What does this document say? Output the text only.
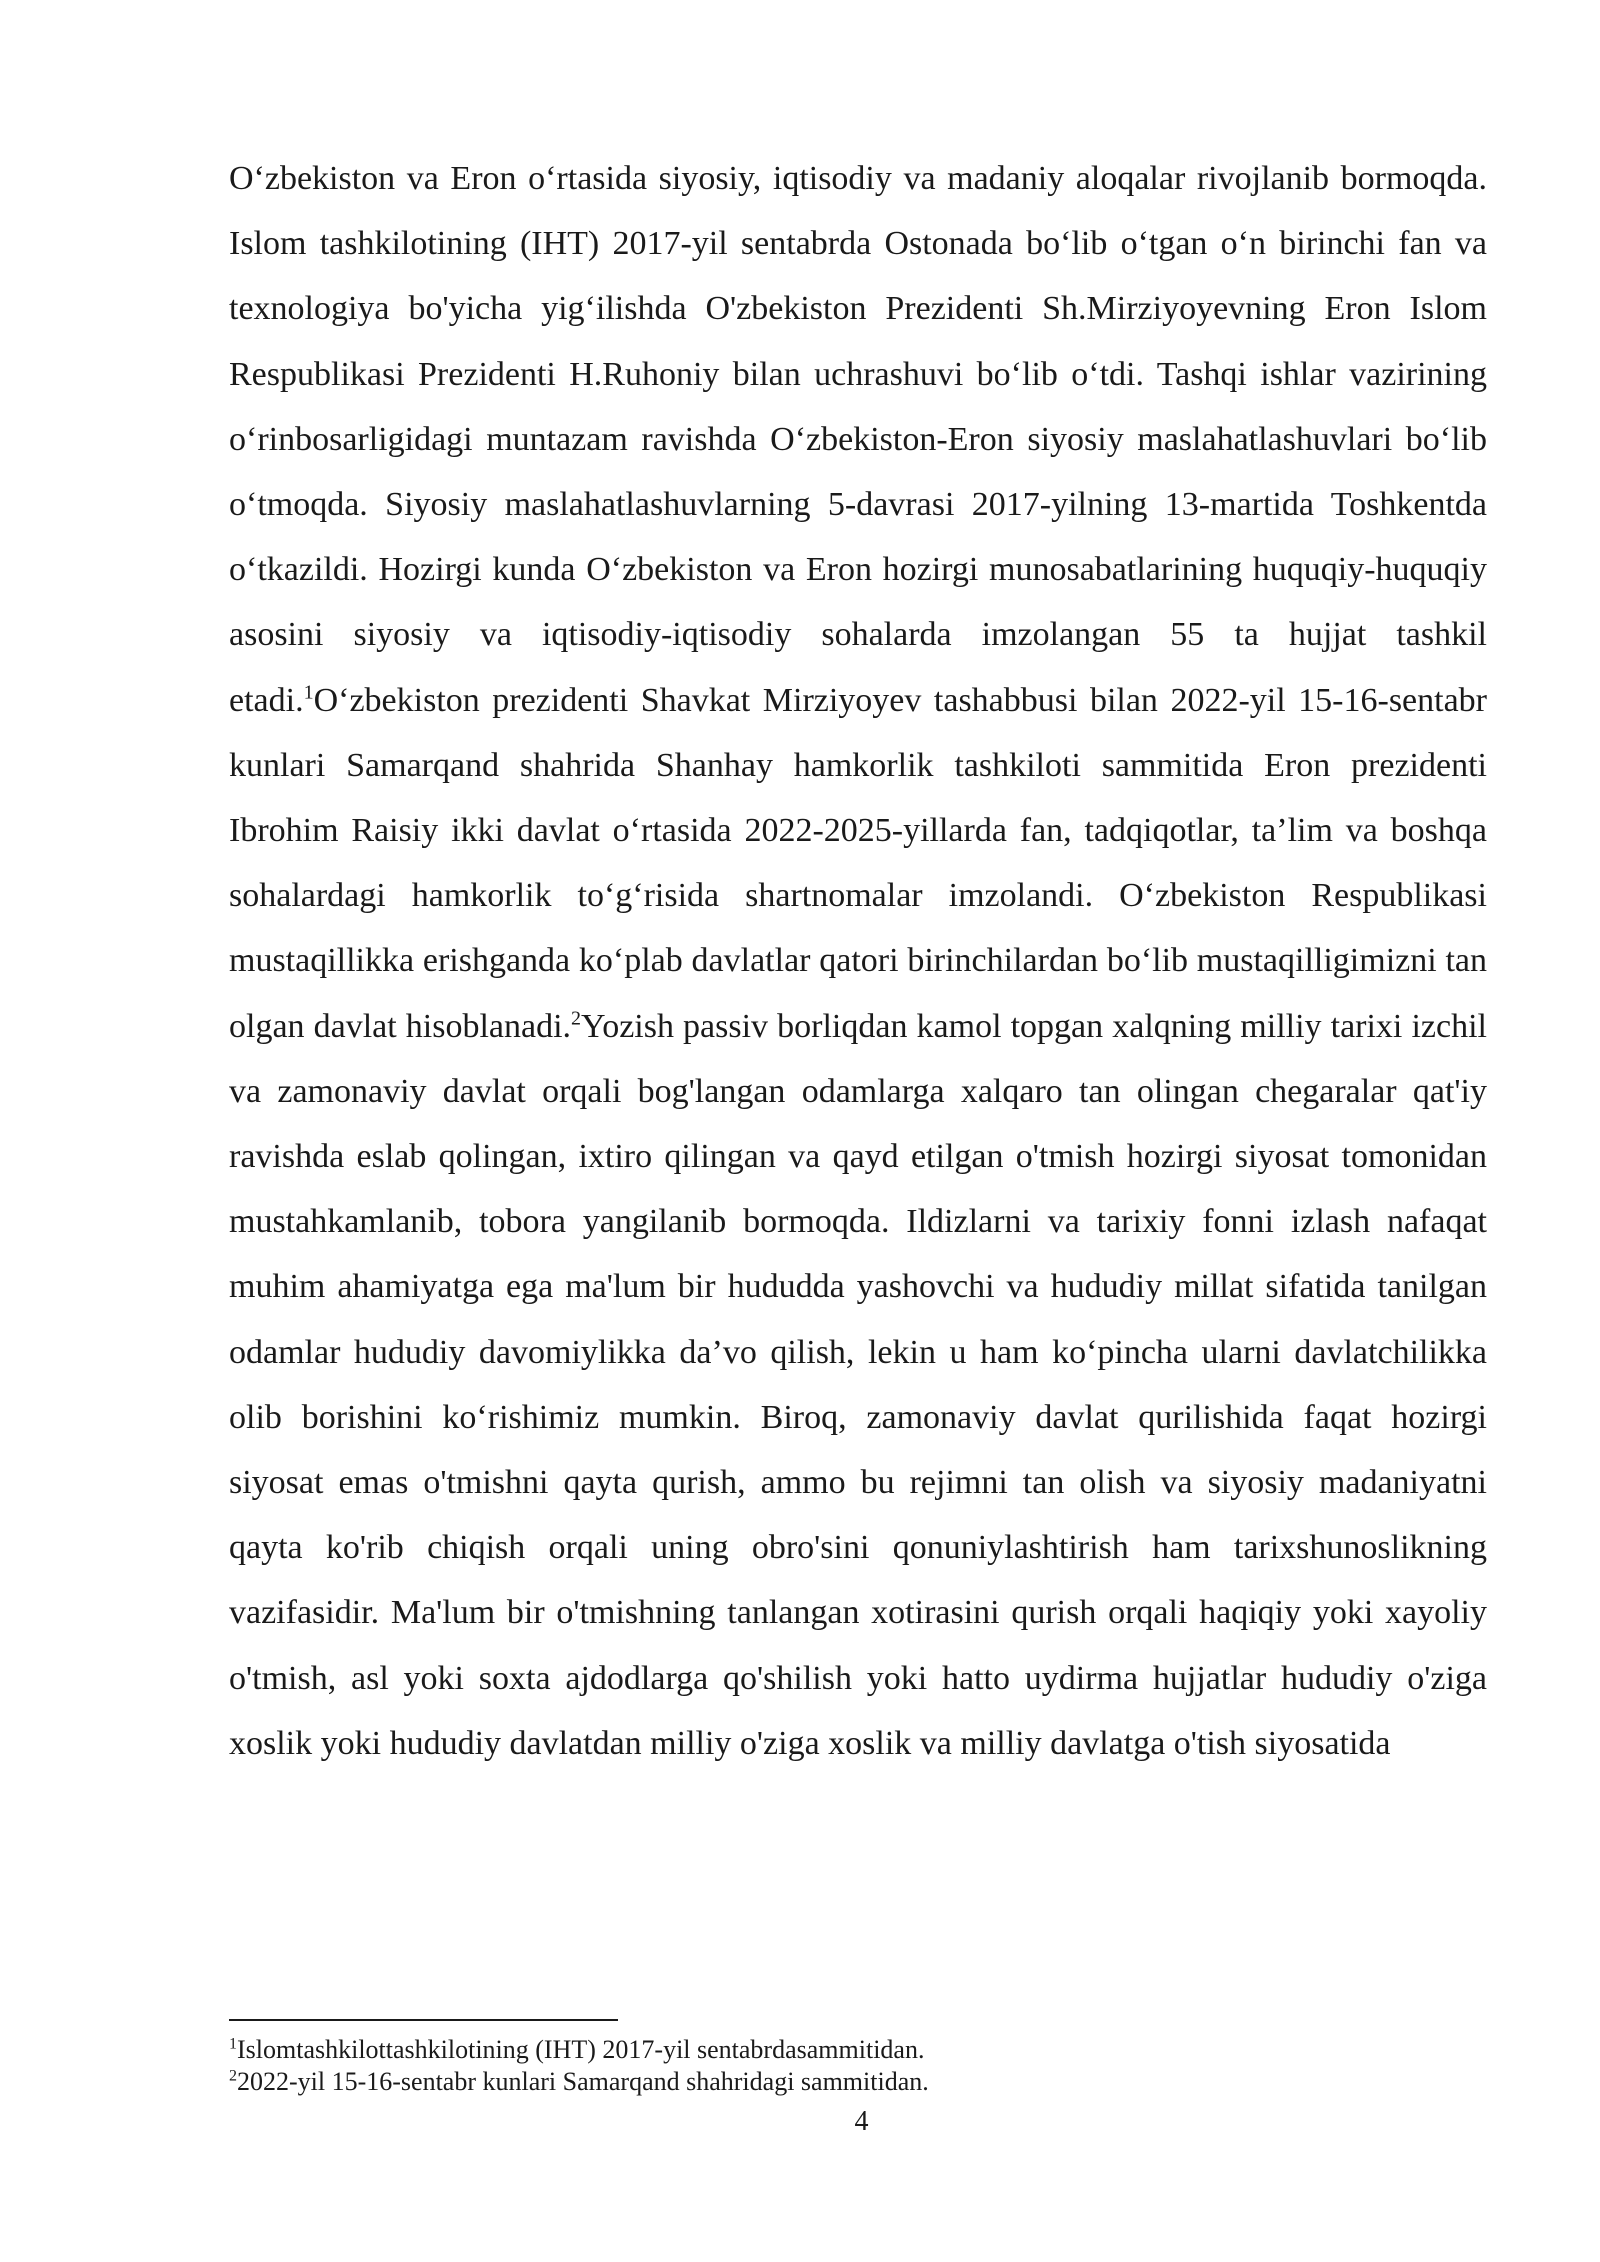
O‘zbekiston va Eron o‘rtasida siyosiy, iqtisodiy va madaniy aloqalar rivojlanib bormoqda. Islom tashkilotining (IHT) 2017-yil sentabrda Ostonada bo‘lib o‘tgan o‘n birinchi fan va texnologiya bo'yicha yig‘ilishda O'zbekiston Prezidenti Sh.Mirziyoyevning Eron Islom Respublikasi Prezidenti H.Ruhoniy bilan uchrashuvi bo‘lib o‘tdi. Tashqi ishlar vazirining o‘rinbosarligidagi muntazam ravishda O‘zbekiston-Eron siyosiy maslahatlashuvlari bo‘lib o‘tmoqda. Siyosiy maslahatlashuvlarning 5-davrasi 2017-yilning 13-martida Toshkentda o‘tkazildi. Hozirgi kunda O‘zbekiston va Eron hozirgi munosabatlarining huquqiy-huquqiy asosini siyosiy va iqtisodiy-iqtisodiy sohalarda imzolangan 55 ta hujjat tashkil etadi.$^1$O‘zbekiston prezidenti Shavkat Mirziyoyev tashabbusi bilan 2022-yil 15-16-sentabr kunlari Samarqand shahrida Shanhay hamkorlik tashkiloti sammitida Eron prezidenti Ibrohim Raisiy ikki davlat o‘rtasida 2022-2025-yillarda fan, tadqiqotlar, ta’lim va boshqa sohalardagi hamkorlik to‘g‘risida shartnomalar imzolandi. O‘zbekiston Respublikasi mustaqillikka erishganda ko‘plab davlatlar qatori birinchilardan bo‘lib mustaqilligimizni tan olgan davlat hisoblanadi.$^2$Yozish passiv borliqdan kamol topgan xalqning milliy tarixi izchil va zamonaviy davlat orqali bog'langan odamlarga xalqaro tan olingan chegaralar qat'iy ravishda eslab qolingan, ixtiro qilingan va qayd etilgan o'tmish hozirgi siyosat tomonidan mustahkamlanib, tobora yangilanib bormoqda. Ildizlarni va tarixiy fonni izlash nafaqat muhim ahamiyatga ega ma'lum bir hududda yashovchi va hududiy millat sifatida tanilgan odamlar hududiy davomiylikka da’vo qilish, lekin u ham ko‘pincha ularni davlatchilikka olib borishini ko‘rishimiz mumkin. Biroq, zamonaviy davlat qurilishida faqat hozirgi siyosat emas o'tmishni qayta qurish, ammo bu rejimni tan olish va siyosiy madaniyatni qayta ko'rib chiqish orqali uning obro'sini qonuniylashtirish ham tarixshunoslikning vazifasidir. Ma'lum bir o'tmishning tanlangan xotirasini qurish orqali haqiqiy yoki xayoliy o'tmish, asl yoki soxta ajdodlarga qo'shilish yoki hatto uydirma hujjatlar hududiy o'ziga xoslik yoki hududiy davlatdan milliy o'ziga xoslik va milliy davlatga o'tish siyosatida

$^1$Islomtashkilottashkilotining (IHT) 2017-yil sentabrdasammitidan.

$^2$2022-yil 15-16-sentabr kunlari Samarqand shahridagi sammitidan.

4
